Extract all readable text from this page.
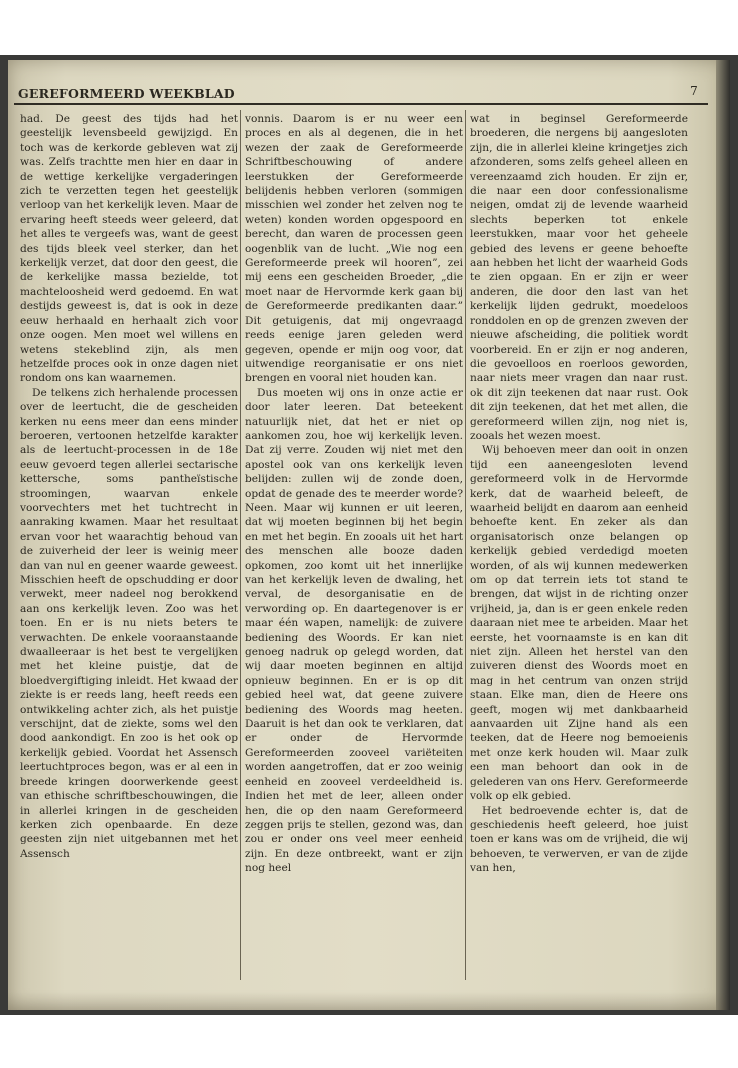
GEREFORMEERD WEEKBLAD	7

had. De geest des tijds had het geestelijk levensbeeld gewijzigd. En toch was de kerkorde gebleven wat zij was. Zelfs trachtte men hier en daar in de wettige kerkelijke vergaderingen zich te verzetten tegen het geestelijk verloop van het kerkelijk leven. Maar de ervaring heeft steeds weer geleerd, dat het alles te vergeefs was, want de geest des tijds bleek veel sterker, dan het kerkelijk verzet, dat door den geest, die de kerkelijke massa bezielde, tot machteloosheid werd gedoemd. En wat destijds geweest is, dat is ook in deze eeuw herhaald en herhaalt zich voor onze oogen. Men moet wel willens en wetens stekeblind zijn, als men hetzelfde proces ook in onze dagen niet rondom ons kan waarnemen.

De telkens zich herhalende processen over de leertucht, die de gescheiden kerken nu eens meer dan eens minder beroeren, vertoonen hetzelfde karakter als de leertucht-processen in de 18e eeuw gevoerd tegen allerlei sectarische kettersche, soms pantheïstische stroomingen, waarvan enkele voorvechters met het tuchtrecht in aanraking kwamen. Maar het resultaat ervan voor het waarachtig behoud van de zuiverheid der leer is weinig meer dan van nul en geener waarde geweest. Misschien heeft de opschudding er door verwekt, meer nadeel nog berokkend aan ons kerkelijk leven. Zoo was het toen. En er is nu niets beters te verwachten. De enkele vooraanstaande dwaalleeraar is het best te vergelijken met het kleine puistje, dat de bloedvergiftiging inleidt. Het kwaad der ziekte is er reeds lang, heeft reeds een ontwikkeling achter zich, als het puistje verschijnt, dat de ziekte, soms wel den dood aankondigt. En zoo is het ook op kerkelijk gebied. Voordat het Assensch leertuchtproces begon, was er al een in breede kringen doorwerkende geest van ethische schriftbeschouwingen, die in allerlei kringen in de gescheiden kerken zich openbaarde. En deze geesten zijn niet uitgebannen met het Assensch

vonnis. Daarom is er nu weer een proces en als al degenen, die in het wezen der zaak de Gereformeerde Schriftbeschouwing of andere leerstukken der Gereformeerde belijdenis hebben verloren (sommigen misschien wel zonder het zelven nog te weten) konden worden opgespoord en berecht, dan waren de processen geen oogenblik van de lucht. „Wie nog een Gereformeerde preek wil hooren”, zei mij eens een gescheiden Broeder, „die moet naar de Hervormde kerk gaan bij de Gereformeerde predikanten daar.” Dit getuigenis, dat mij ongevraagd reeds eenige jaren geleden werd gegeven, opende er mijn oog voor, dat uitwendige reorganisatie er ons niet brengen en vooral niet houden kan.

Dus moeten wij ons in onze actie er door later leeren. Dat beteekent natuurlijk niet, dat het er niet op aankomen zou, hoe wij kerkelijk leven. Dat zij verre. Zouden wij niet met den apostel ook van ons kerkelijk leven belijden: zullen wij de zonde doen, opdat de genade des te meerder worde? Neen. Maar wij kunnen er uit leeren, dat wij moeten beginnen bij het begin en met het begin. En zooals uit het hart des menschen alle booze daden opkomen, zoo komt uit het innerlijke van het kerkelijk leven de dwaling, het verval, de desorganisatie en de verwording op. En daartegenover is er maar één wapen, namelijk: de zuivere bediening des Woords. Er kan niet genoeg nadruk op gelegd worden, dat wij daar moeten beginnen en altijd opnieuw beginnen. En er is op dit gebied heel wat, dat geene zuivere bediening des Woords mag heeten. Daaruit is het dan ook te verklaren, dat er onder de Hervormde Gereformeerden zooveel variëteiten worden aangetroffen, dat er zoo weinig eenheid en zooveel verdeeldheid is. Indien het met de leer, alleen onder hen, die op den naam Gereformeerd zeggen prijs te stellen, gezond was, dan zou er onder ons veel meer eenheid zijn. En deze ontbreekt, want er zijn nog heel

wat in beginsel Gereformeerde broederen, die nergens bij aangesloten zijn, die in allerlei kleine kringetjes zich afzonderen, soms zelfs geheel alleen en vereenzaamd zich houden. Er zijn er, die naar een door confessionalisme neigen, omdat zij de levende waarheid slechts beperken tot enkele leerstukken, maar voor het geheele gebied des levens er geene behoefte aan hebben het licht der waarheid Gods te zien opgaan. En er zijn er weer anderen, die door den last van het kerkelijk lijden gedrukt, moedeloos ronddolen en op de grenzen zweven der nieuwe afscheiding, die politiek wordt voorbereid. En er zijn er nog anderen, die gevoelloos en roerloos geworden, naar niets meer vragen dan naar rust. ok dit zijn teekenen dat naar rust. Ook dit zijn teekenen, dat het met allen, die gereformeerd willen zijn, nog niet is, zooals het wezen moest.

Wij behoeven meer dan ooit in onzen tijd een aaneengesloten levend gereformeerd volk in de Hervormde kerk, dat de waarheid beleeft, de waarheid belijdt en daarom aan eenheid behoefte kent. En zeker als dan organisatorisch onze belangen op kerkelijk gebied verdedigd moeten worden, of als wij kunnen medewerken om op dat terrein iets tot stand te brengen, dat wijst in de richting onzer vrijheid, ja, dan is er geen enkele reden daaraan niet mee te arbeiden. Maar het eerste, het voornaamste is en kan dit niet zijn. Alleen het herstel van den zuiveren dienst des Woords moet en mag in het centrum van onzen strijd staan. Elke man, dien de Heere ons geeft, mogen wij met dankbaarheid aanvaarden uit Zijne hand als een teeken, dat de Heere nog bemoeienis met onze kerk houden wil. Maar zulk een man behoort dan ook in de gelederen van ons Herv. Gereformeerde volk op elk gebied.

Het bedroevende echter is, dat de geschiedenis heeft geleerd, hoe juist toen er kans was om de vrijheid, die wij behoeven, te verwerven, er van de zijde van hen,
